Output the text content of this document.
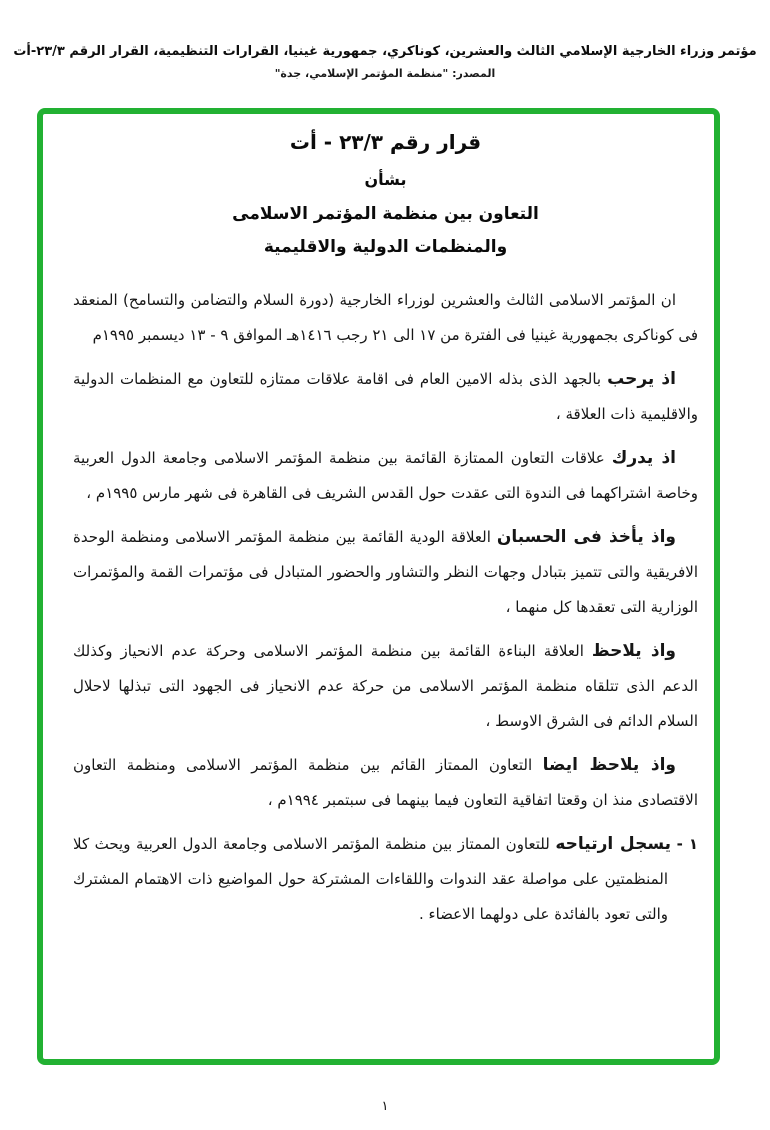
مؤتمر وزراء الخارجية الإسلامي الثالث والعشرين، كوناكري، جمهورية غينيا، القرارات التنظيمية، القرار الرقم ٢٣/٣-أت
المصدر: "منظمة المؤتمر الإسلامي، جدة"
قرار رقم ٢٣/٣ - أت
بشأن
التعاون بين منظمة المؤتمر الاسلامى
والمنظمات الدولية والاقليمية

ان المؤتمر الاسلامى الثالث والعشرين لوزراء الخارجية (دورة السلام والتضامن والتسامح) المنعقد فى كوناكرى بجمهورية غينيا فى الفترة من ١٧ الى ٢١ رجب ١٤١٦هـ الموافق ٩ - ١٣ ديسمبر ١٩٩٥م

اذ يرحب بالجهد الذى بذله الامين العام فى اقامة علاقات ممتازه للتعاون مع المنظمات الدولية والاقليمية ذات العلاقة ،

اذ يدرك علاقات التعاون الممتازة القائمة بين منظمة المؤتمر الاسلامى وجامعة الدول العربية وخاصة اشتراكهما فى الندوة التى عقدت حول القدس الشريف فى القاهرة فى شهر مارس ١٩٩٥م ،

واذ يأخذ فى الحسبان العلاقة الودية القائمة بين منظمة المؤتمر الاسلامى ومنظمة الوحدة الافريقية والتى تتميز بتبادل وجهات النظر والتشاور والحضور المتبادل فى مؤتمرات القمة والمؤتمرات الوزارية التى تعقدها كل منهما ،

واذ يلاحظ العلاقة البناءة القائمة بين منظمة المؤتمر الاسلامى وحركة عدم الانحياز وكذلك الدعم الذى تتلقاه منظمة المؤتمر الاسلامى من حركة عدم الانحياز فى الجهود التى تبذلها لاحلال السلام الدائم فى الشرق الاوسط ،

واذ يلاحظ ايضا التعاون الممتاز القائم بين منظمة المؤتمر الاسلامى ومنظمة التعاون الاقتصادى منذ ان وقعتا اتفاقية التعاون فيما بينهما فى سبتمبر ١٩٩٤م ،

١ - يسجل ارتياحه للتعاون الممتاز بين منظمة المؤتمر الاسلامى وجامعة الدول العربية ويحث كلا المنظمتين على مواصلة عقد الندوات واللقاءات المشتركة حول المواضيع ذات الاهتمام المشترك والتى تعود بالفائدة على دولهما الاعضاء .

١
